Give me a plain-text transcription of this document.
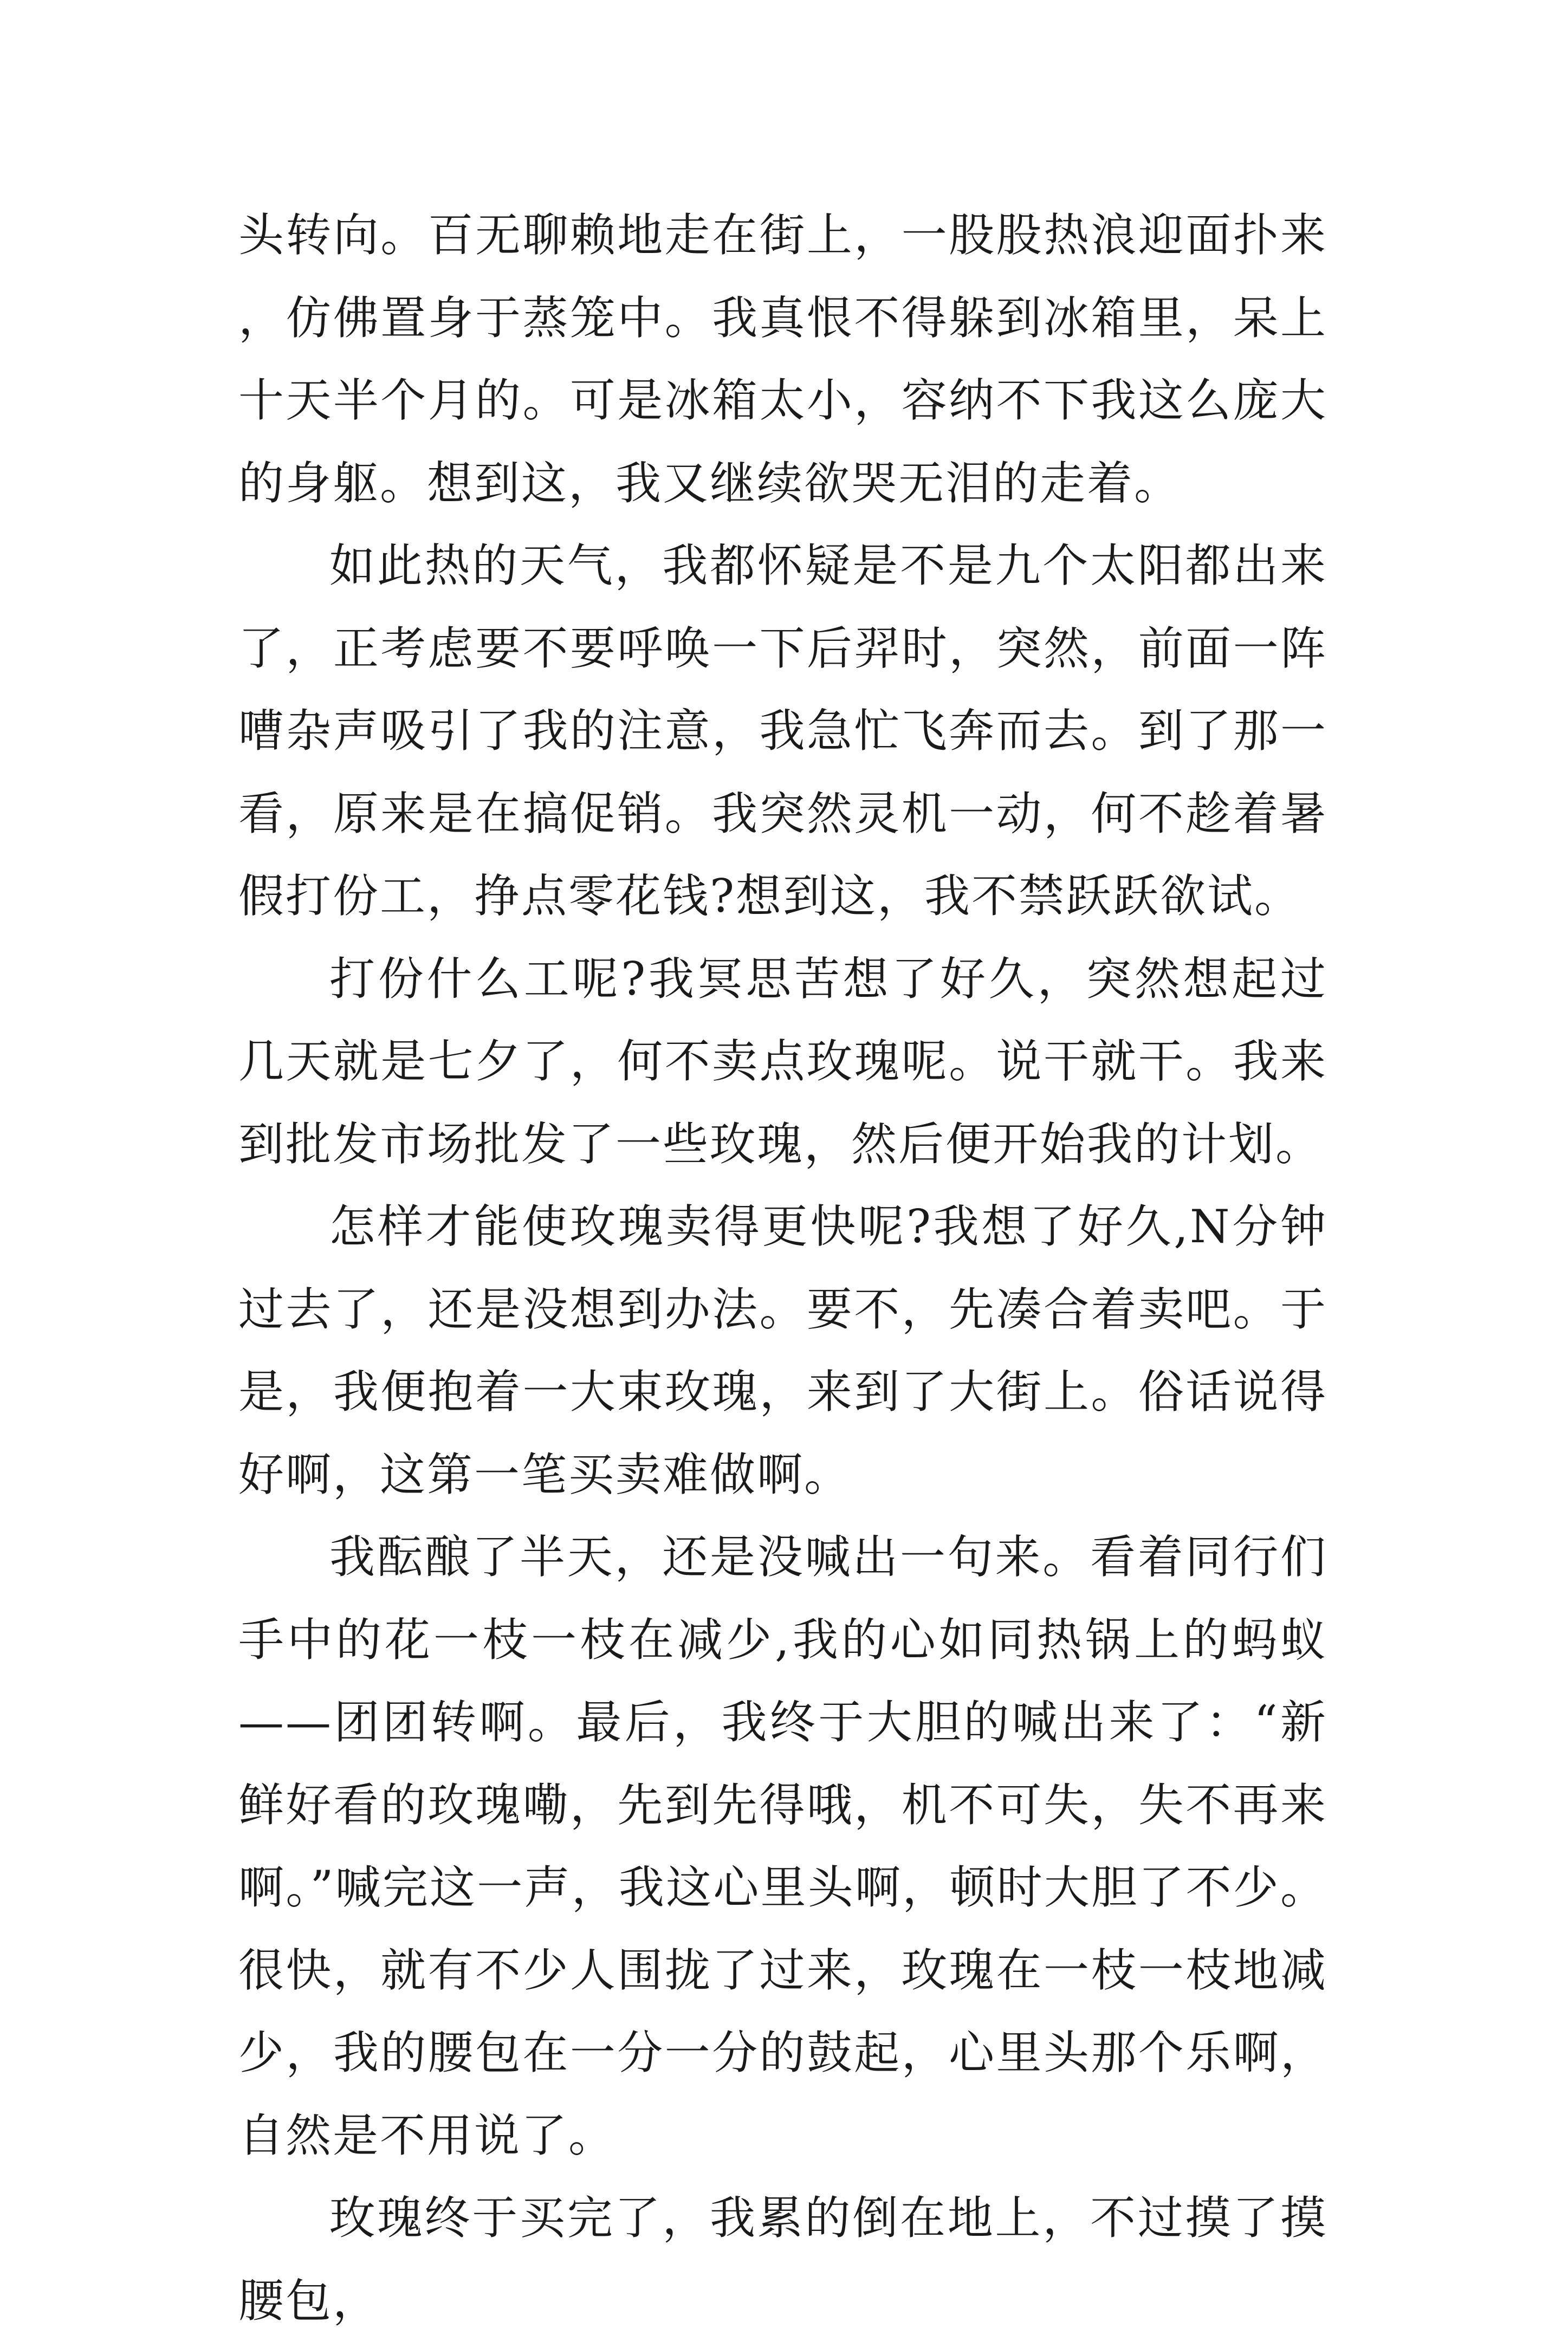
头转向。百无聊赖地走在街上，一股股热浪迎面扑来，仿佛置身于蒸笼中。我真恨不得躲到冰箱里，呆上十天半个月的。可是冰箱太小，容纳不下我这么庞大的身躯。想到这，我又继续欲哭无泪的走着。

如此热的天气，我都怀疑是不是九个太阳都出来了，正考虑要不要呼唤一下后羿时，突然，前面一阵嘈杂声吸引了我的注意，我急忙飞奔而去。到了那一看，原来是在搞促销。我突然灵机一动，何不趁着暑假打份工，挣点零花钱?想到这，我不禁跃跃欲试。

打份什么工呢?我冥思苦想了好久，突然想起过几天就是七夕了，何不卖点玫瑰呢。说干就干。我来到批发市场批发了一些玫瑰，然后便开始我的计划。

怎样才能使玫瑰卖得更快呢?我想了好久,N分钟过去了，还是没想到办法。要不，先凑合着卖吧。于是，我便抱着一大束玫瑰，来到了大街上。俗话说得好啊，这第一笔买卖难做啊。

我酝酿了半天，还是没喊出一句来。看着同行们手中的花一枝一枝在减少,我的心如同热锅上的蚂蚁——团团转啊。最后，我终于大胆的喊出来了：“新鲜好看的玫瑰嘞，先到先得哦，机不可失，失不再来啊。”喊完这一声，我这心里头啊，顿时大胆了不少。很快，就有不少人围拢了过来，玫瑰在一枝一枝地减少，我的腰包在一分一分的鼓起，心里头那个乐啊，自然是不用说了。

玫瑰终于买完了，我累的倒在地上，不过摸了摸腰包，
